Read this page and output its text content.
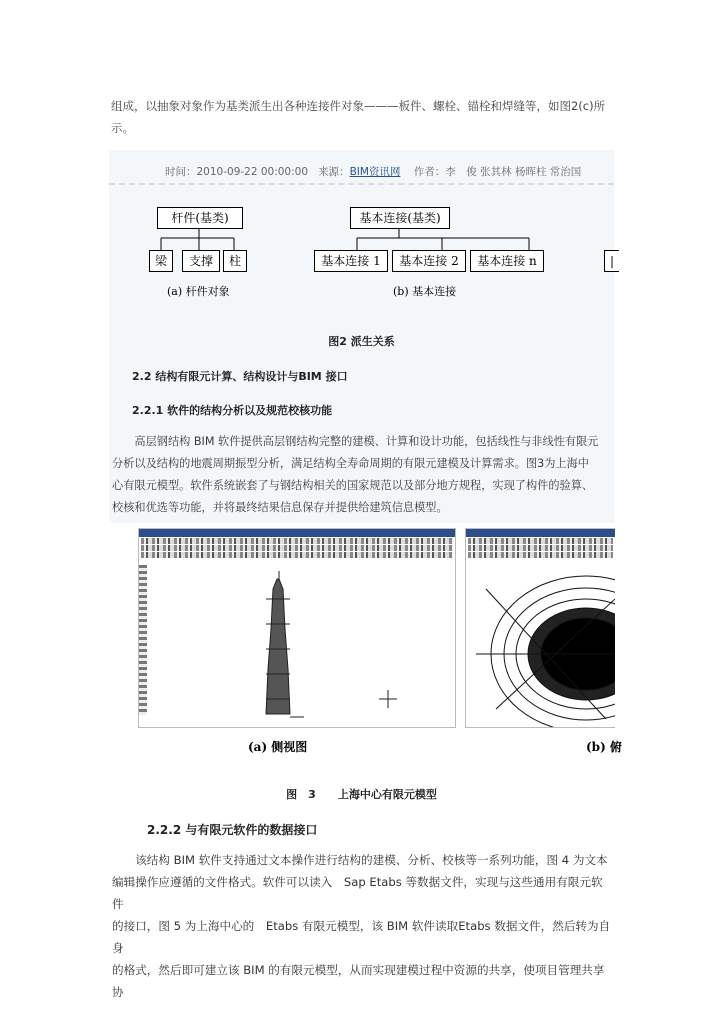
组成，以抽象对象作为基类派生出各种连接件对象———板件、螺栓、锚栓和焊缝等，如图2(c)所
示。
时间：2010-09-22 00:00:00 来源：BIM资讯网 作者：李　俊 张其林 杨晖柱 常治国
杆件(基类)
梁	支撑	柱
基本连接(基类)
基本连接 1	基本连接 2	基本连接 n	|
(a) 杆件对象	(b) 基本连接
图2 派生关系
2.2 结构有限元计算、结构设计与BIM 接口
2.2.1 软件的结构分析以及规范校核功能
　　高层钢结构 BIM 软件提供高层钢结构完整的建模、计算和设计功能，包括线性与非线性有限元
分析以及结构的地震周期振型分析，满足结构全寿命周期的有限元建模及计算需求。图3为上海中
心有限元模型。软件系统嵌套了与钢结构相关的国家规范以及部分地方规程，实现了构件的验算、
校核和优选等功能，并将最终结果信息保存并提供给建筑信息模型。
(a) 侧视图	(b) 俯
图　3　　上海中心有限元模型
2.2.2 与有限元软件的数据接口
　　该结构 BIM 软件支持通过文本操作进行结构的建模、分析、校核等一系列功能，图 4 为文本
编辑操作应遵循的文件格式。软件可以读入　Sap Etabs 等数据文件，实现与这些通用有限元软件
的接口，图 5 为上海中心的　Etabs 有限元模型，该 BIM 软件读取Etabs 数据文件，然后转为自身
的格式，然后即可建立该 BIM 的有限元模型，从而实现建模过程中资源的共享，使项目管理共享协
